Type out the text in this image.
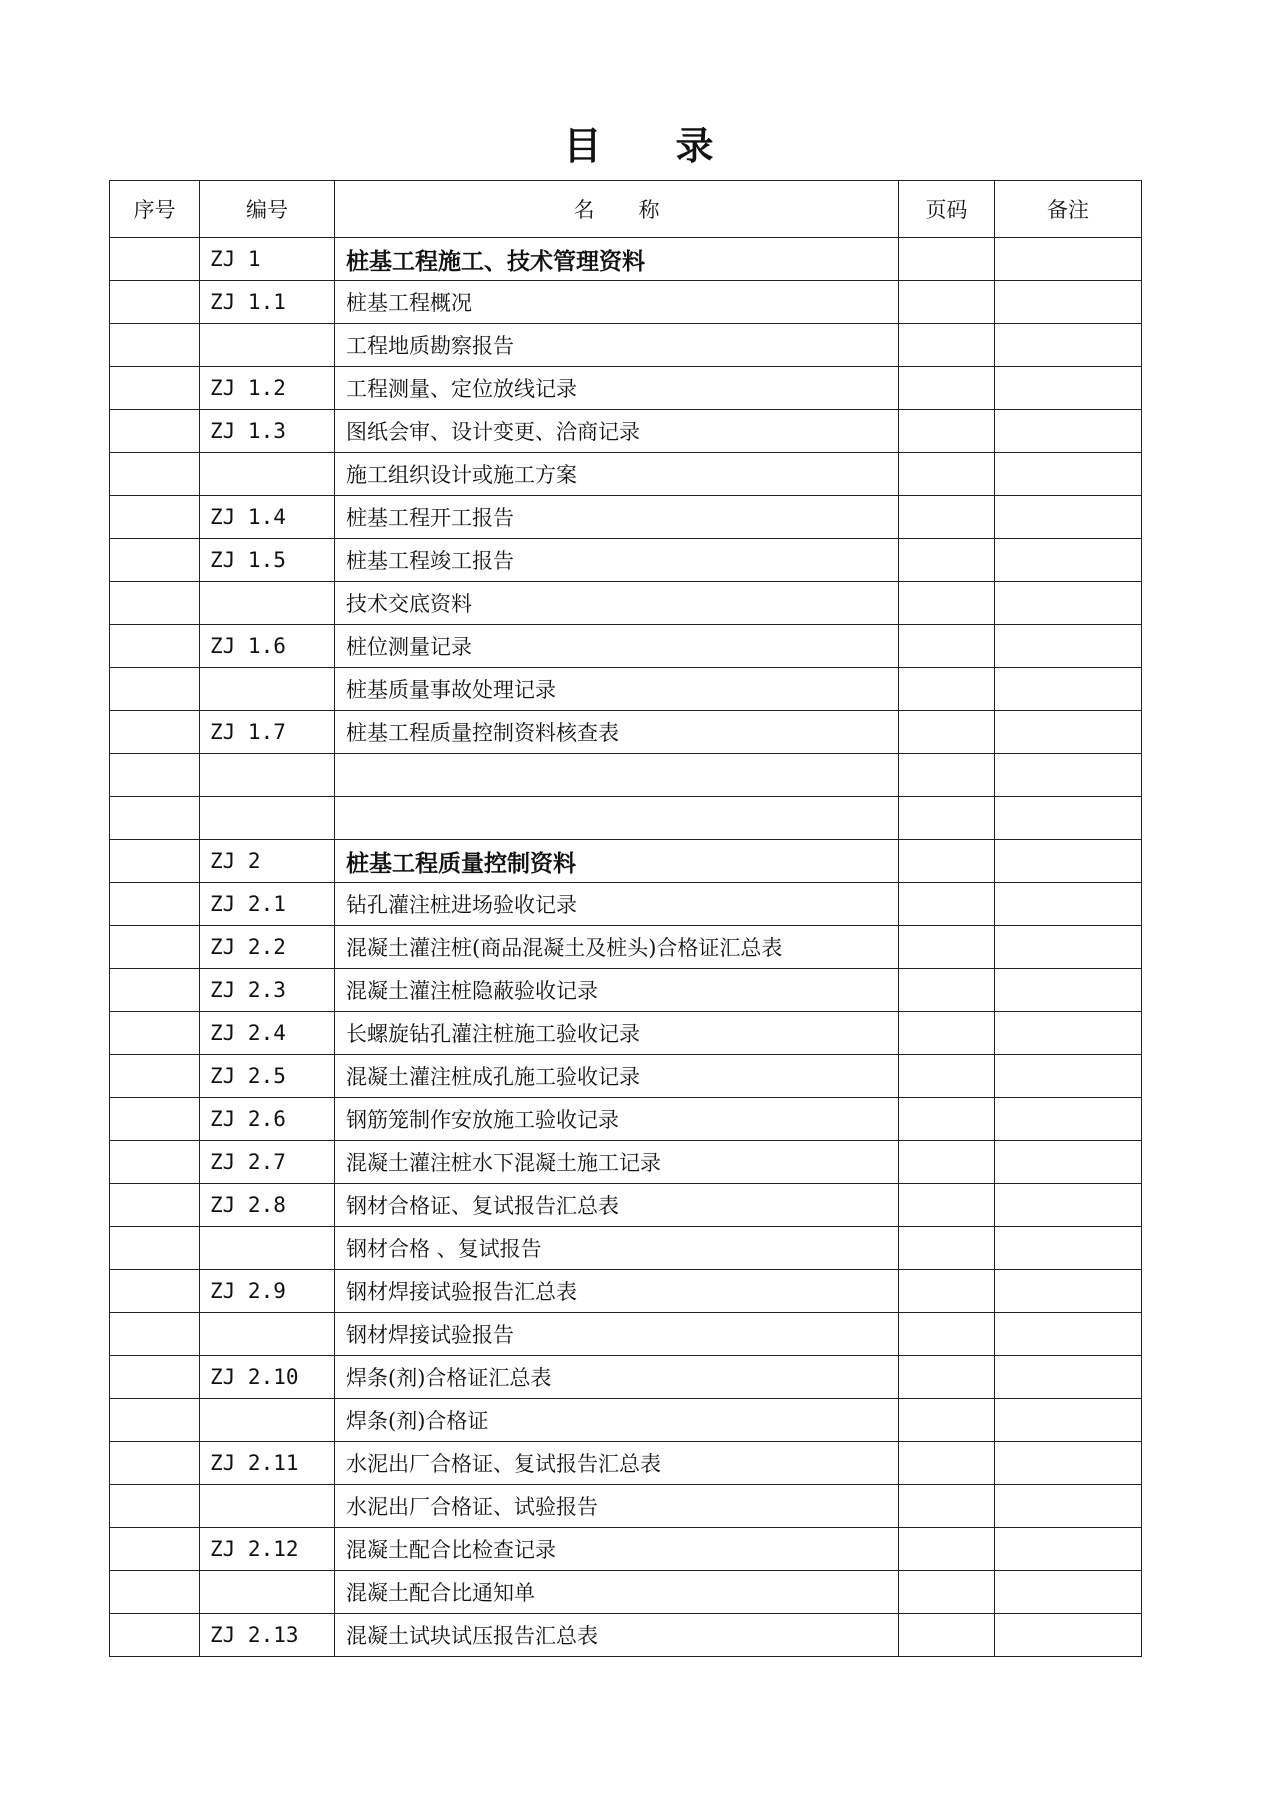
目 录
序号	编号	名 称	页码	备注
	ZJ 1	桩基工程施工、技术管理资料		
	ZJ 1.1	桩基工程概况		
		工程地质勘察报告		
	ZJ 1.2	工程测量、定位放线记录		
	ZJ 1.3	图纸会审、设计变更、洽商记录		
		施工组织设计或施工方案		
	ZJ 1.4	桩基工程开工报告		
	ZJ 1.5	桩基工程竣工报告		
		技术交底资料		
	ZJ 1.6	桩位测量记录		
		桩基质量事故处理记录		
	ZJ 1.7	桩基工程质量控制资料核查表		

	ZJ 2	桩基工程质量控制资料		
	ZJ 2.1	钻孔灌注桩进场验收记录		
	ZJ 2.2	混凝土灌注桩(商品混凝土及桩头)合格证汇总表		
	ZJ 2.3	混凝土灌注桩隐蔽验收记录		
	ZJ 2.4	长螺旋钻孔灌注桩施工验收记录		
	ZJ 2.5	混凝土灌注桩成孔施工验收记录		
	ZJ 2.6	钢筋笼制作安放施工验收记录		
	ZJ 2.7	混凝土灌注桩水下混凝土施工记录		
	ZJ 2.8	钢材合格证、复试报告汇总表		
		钢材合格 、复试报告		
	ZJ 2.9	钢材焊接试验报告汇总表		
		钢材焊接试验报告		
	ZJ 2.10	焊条(剂)合格证汇总表		
		焊条(剂)合格证		
	ZJ 2.11	水泥出厂合格证、复试报告汇总表		
		水泥出厂合格证、试验报告		
	ZJ 2.12	混凝土配合比检查记录		
		混凝土配合比通知单		
	ZJ 2.13	混凝土试块试压报告汇总表		
